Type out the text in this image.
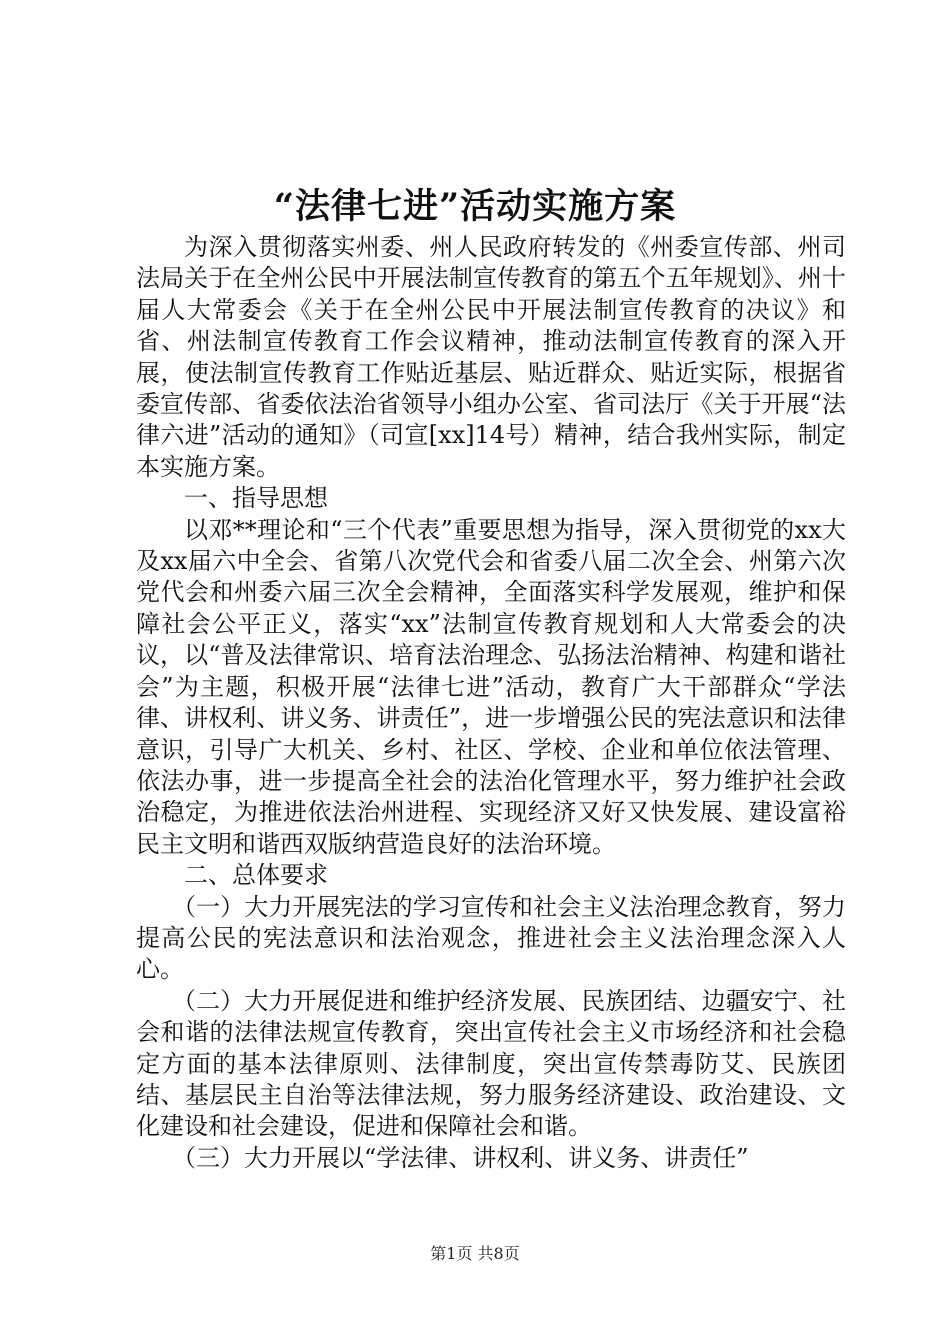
“法律七进”活动实施方案

为深入贯彻落实州委、州人民政府转发的《州委宣传部、州司法局关于在全州公民中开展法制宣传教育的第五个五年规划》、州十届人大常委会《关于在全州公民中开展法制宣传教育的决议》和省、州法制宣传教育工作会议精神，推动法制宣传教育的深入开展，使法制宣传教育工作贴近基层、贴近群众、贴近实际，根据省委宣传部、省委依法治省领导小组办公室、省司法厅《关于开展“法律六进”活动的通知》（司宣[xx]14号）精神，结合我州实际，制定本实施方案。

一、指导思想

以邓**理论和“三个代表”重要思想为指导，深入贯彻党的xx大及xx届六中全会、省第八次党代会和省委八届二次全会、州第六次党代会和州委六届三次全会精神，全面落实科学发展观，维护和保障社会公平正义，落实“xx”法制宣传教育规划和人大常委会的决议，以“普及法律常识、培育法治理念、弘扬法治精神、构建和谐社会”为主题，积极开展“法律七进”活动，教育广大干部群众“学法律、讲权利、讲义务、讲责任”，进一步增强公民的宪法意识和法律意识，引导广大机关、乡村、社区、学校、企业和单位依法管理、依法办事，进一步提高全社会的法治化管理水平，努力维护社会政治稳定，为推进依法治州进程、实现经济又好又快发展、建设富裕民主文明和谐西双版纳营造良好的法治环境。

二、总体要求

（一）大力开展宪法的学习宣传和社会主义法治理念教育，努力提高公民的宪法意识和法治观念，推进社会主义法治理念深入人心。

（二）大力开展促进和维护经济发展、民族团结、边疆安宁、社会和谐的法律法规宣传教育，突出宣传社会主义市场经济和社会稳定方面的基本法律原则、法律制度，突出宣传禁毒防艾、民族团结、基层民主自治等法律法规，努力服务经济建设、政治建设、文化建设和社会建设，促进和保障社会和谐。

（三）大力开展以“学法律、讲权利、讲义务、讲责任”

第1页 共8页
